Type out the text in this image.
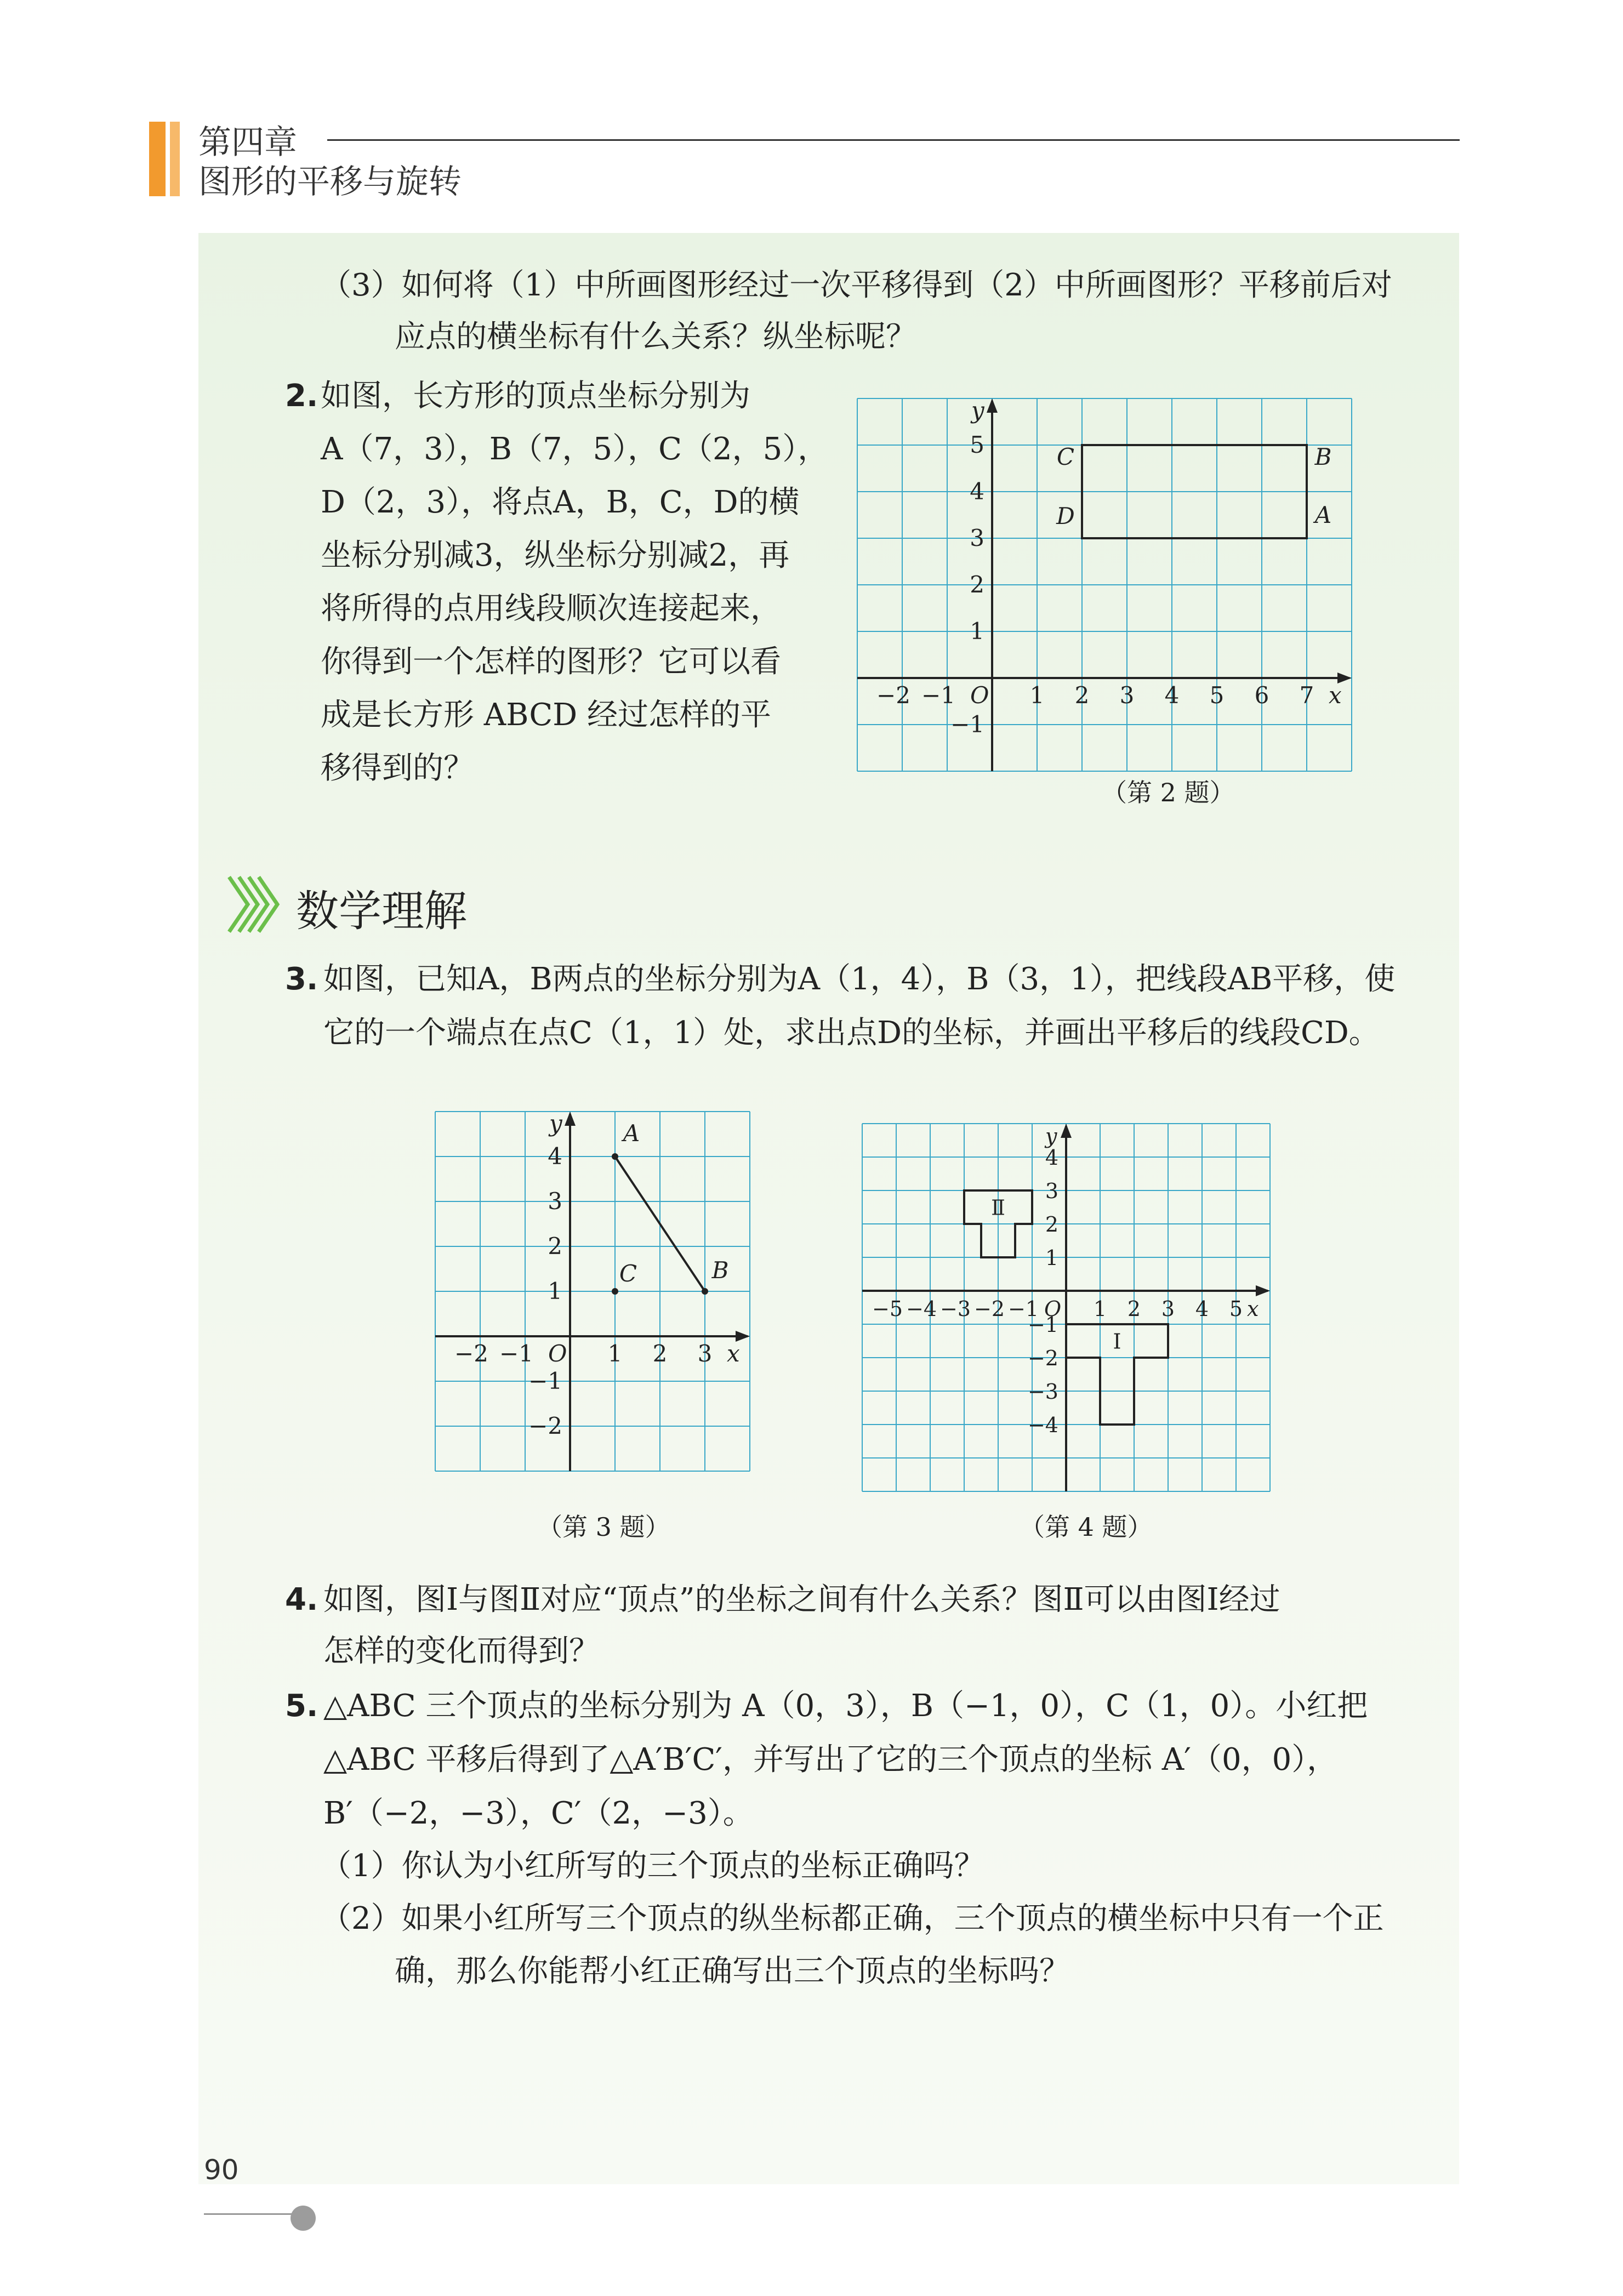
第四章
图形的平移与旋转
（3）如何将（1）中所画图形经过一次平移得到（2）中所画图形？平移前后对
应点的横坐标有什么关系？纵坐标呢？
2. 如图，长方形的顶点坐标分别为
A（7，3），B（7，5），C（2，5），
D（2，3），将点A，B，C，D的横
坐标分别减3，纵坐标分别减2，再
将所得的点用线段顺次连接起来，
你得到一个怎样的图形？它可以看
成是长方形 ABCD 经过怎样的平
移得到的？
x
y
O
−2 −1	1 2 3 4 5 6 7
−1
1
2
3
4
5
A
B
C
D
（第 2 题）
数学理解
3. 如图，已知A，B两点的坐标分别为A（1，4），B（3，1），把线段AB平移，使
它的一个端点在点C（1，1）处，求出点D的坐标，并画出平移后的线段CD。
x
y
O
−2 −1	1 2 3
−2
−1
1
2
3
4
A
B
C
（第 3 题）
x
y
O
−5 −4 −3 −2 −1	1 2 3 4 5
−4
−3
−2
−1
1
2
3
4
Ⅰ
Ⅱ
（第 4 题）
4. 如图，图Ⅰ与图Ⅱ对应“顶点”的坐标之间有什么关系？图Ⅱ可以由图Ⅰ经过
怎样的变化而得到？
5. △ABC 三个顶点的坐标分别为 A（0，3），B（−1，0），C（1，0）。小红把
△ABC 平移后得到了△A′B′C′，并写出了它的三个顶点的坐标 A′（0，0），
B′（−2，−3），C′（2，−3）。
（1）你认为小红所写的三个顶点的坐标正确吗？
（2）如果小红所写三个顶点的纵坐标都正确，三个顶点的横坐标中只有一个正
确，那么你能帮小红正确写出三个顶点的坐标吗？
90
